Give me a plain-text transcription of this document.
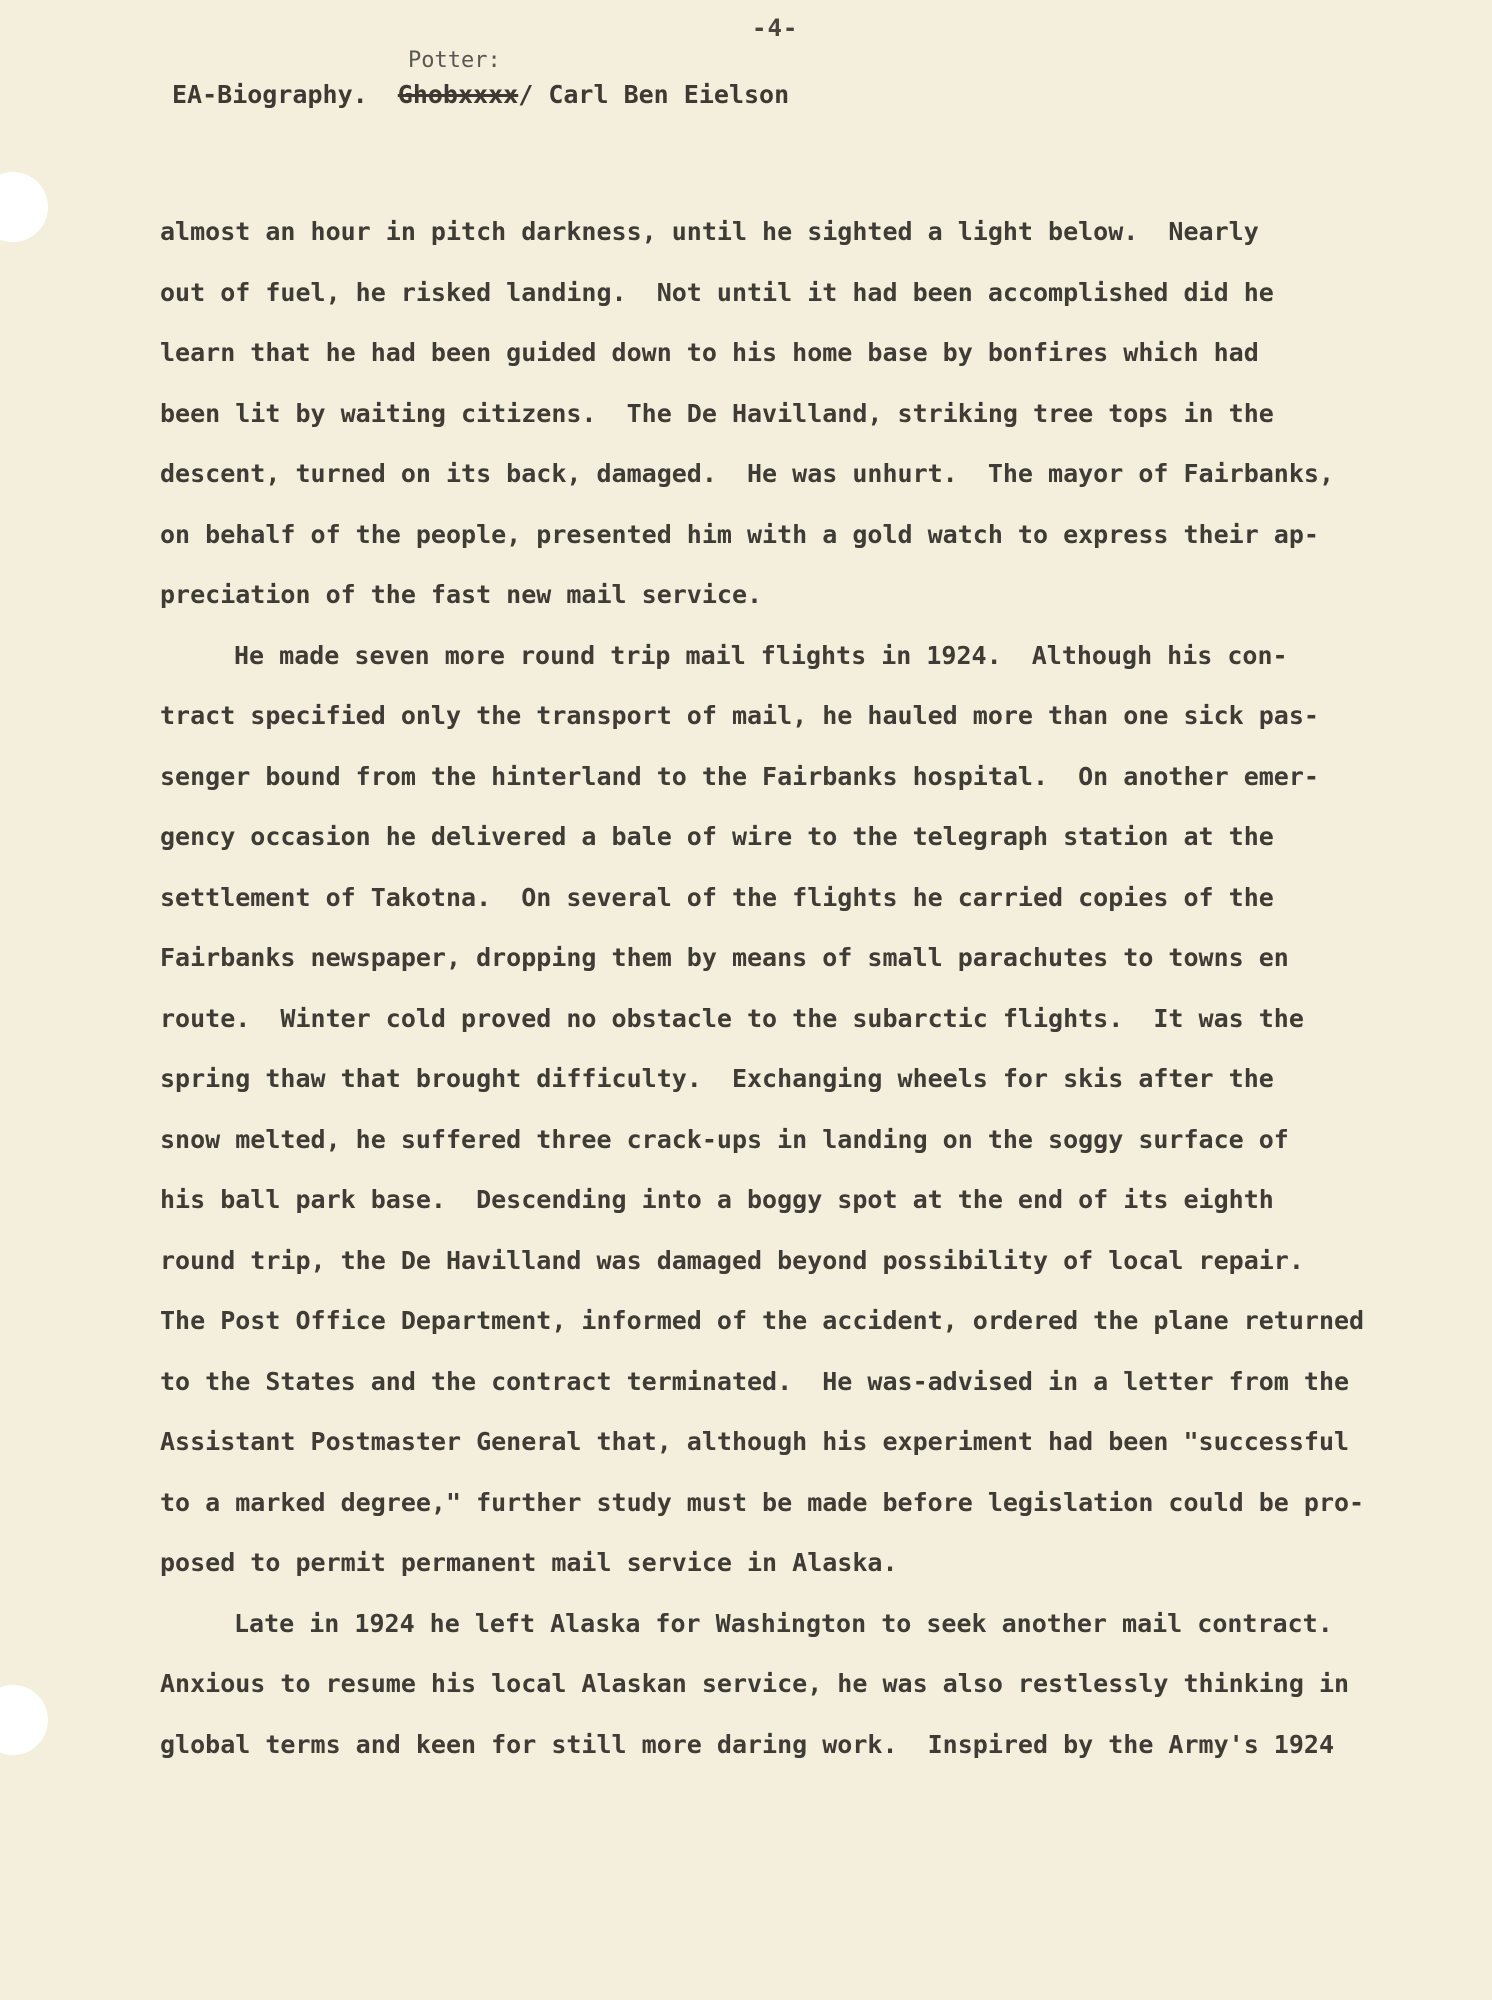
-4-
Potter:
EA-Biography. Ghobxxxx/ Carl Ben Eielson
almost an hour in pitch darkness, until he sighted a light below.  Nearly
out of fuel, he risked landing.  Not until it had been accomplished did he
learn that he had been guided down to his home base by bonfires which had
been lit by waiting citizens.  The De Havilland, striking tree tops in the
descent, turned on its back, damaged.  He was unhurt.  The mayor of Fairbanks,
on behalf of the people, presented him with a gold watch to express their ap-
preciation of the fast new mail service.
He made seven more round trip mail flights in 1924.  Although his con-
tract specified only the transport of mail, he hauled more than one sick pas-
senger bound from the hinterland to the Fairbanks hospital.  On another emer-
gency occasion he delivered a bale of wire to the telegraph station at the
settlement of Takotna.  On several of the flights he carried copies of the
Fairbanks newspaper, dropping them by means of small parachutes to towns en
route.  Winter cold proved no obstacle to the subarctic flights.  It was the
spring thaw that brought difficulty.  Exchanging wheels for skis after the
snow melted, he suffered three crack-ups in landing on the soggy surface of
his ball park base.  Descending into a boggy spot at the end of its eighth
round trip, the De Havilland was damaged beyond possibility of local repair.
The Post Office Department, informed of the accident, ordered the plane returned
to the States and the contract terminated.  He was-advised in a letter from the
Assistant Postmaster General that, although his experiment had been "successful
to a marked degree," further study must be made before legislation could be pro-
posed to permit permanent mail service in Alaska.
Late in 1924 he left Alaska for Washington to seek another mail contract.
Anxious to resume his local Alaskan service, he was also restlessly thinking in
global terms and keen for still more daring work.  Inspired by the Army's 1924
